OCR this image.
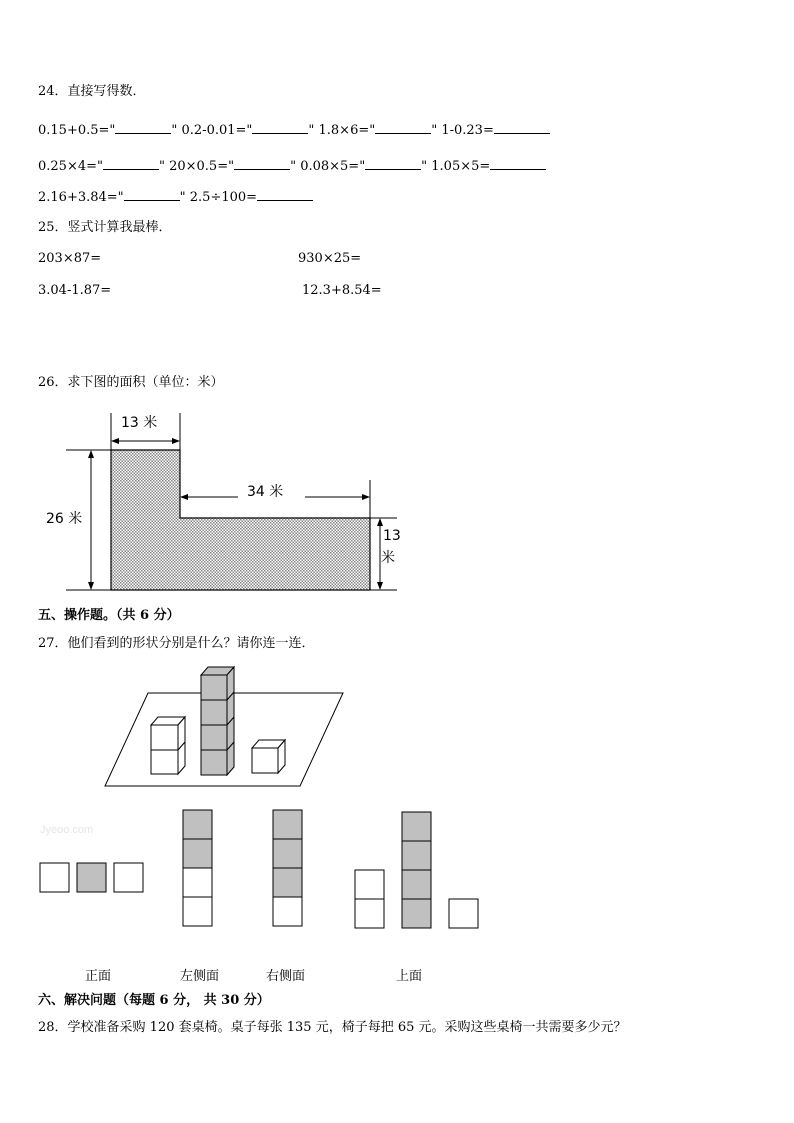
24．直接写得数．
0.15+0.5="	" 0.2-0.01="	" 1.8×6="	" 1-0.23=
0.25×4="	" 20×0.5="	" 0.08×5="	" 1.05×5=
2.16+3.84="	" 2.5÷100=
25．竖式计算我最棒．
203×87=	930×25=
3.04-1.87=	12.3+8.54=
26．求下图的面积（单位：米）
13 米
34 米
26 米
13
米
五、操作题。（共 6 分）
27．他们看到的形状分别是什么？请你连一连．
Jyeoo.com
正面	左侧面	右侧面	上面
六、解决问题（每题 6 分， 共 30 分）
28．学校准备采购 120 套桌椅。桌子每张 135 元，椅子每把 65 元。采购这些桌椅一共需要多少元？
